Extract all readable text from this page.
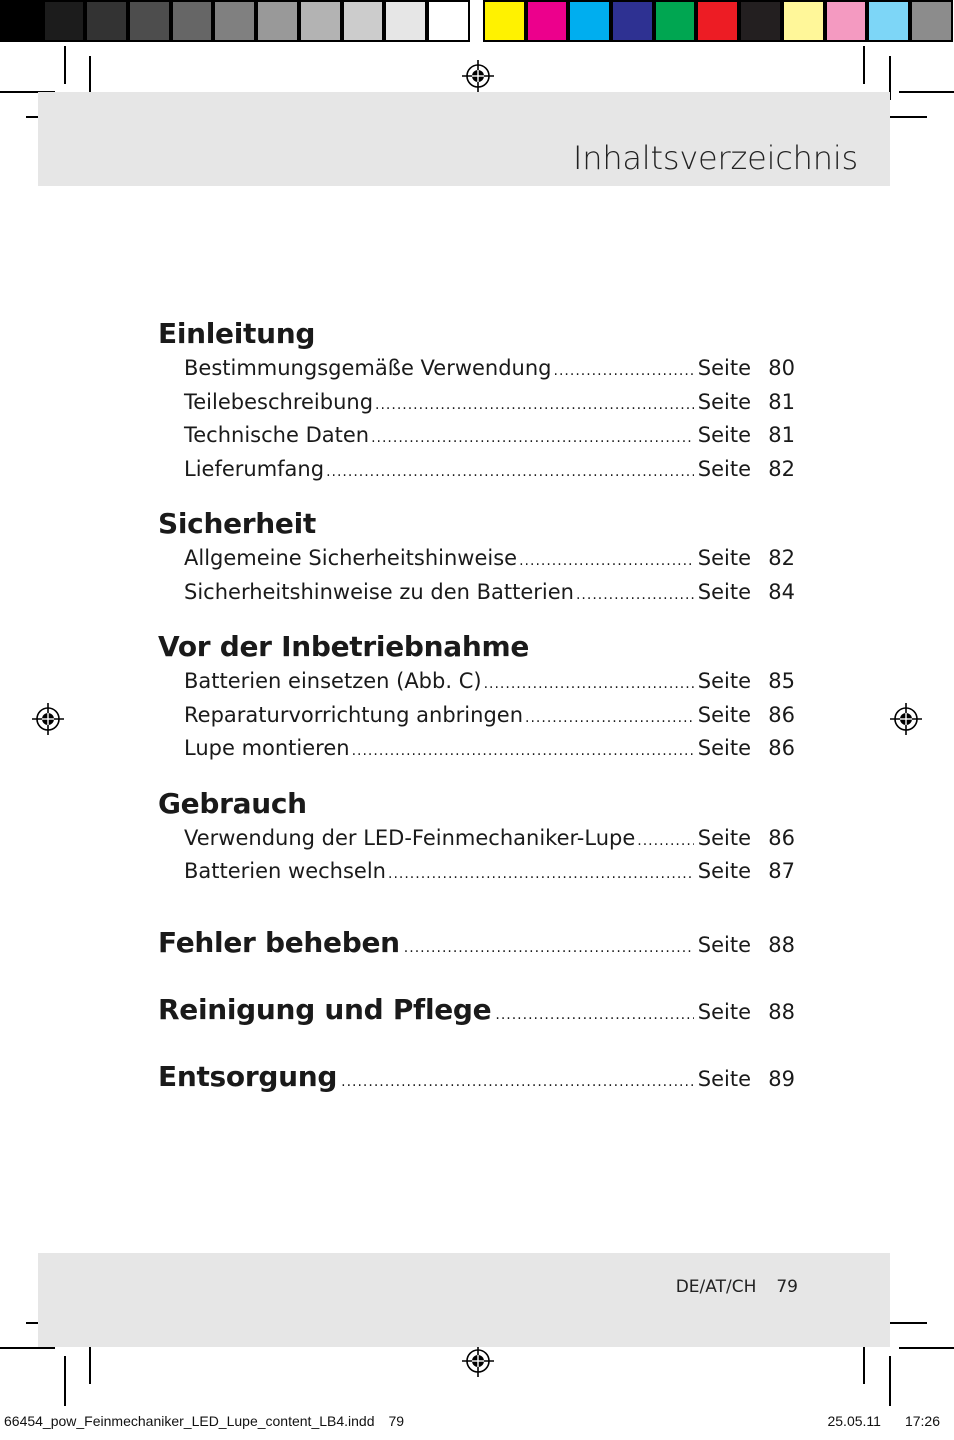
Inhaltsverzeichnis
Einleitung
Bestimmungsgemäße Verwendung .....	Seite 80
Teilebeschreibung .....	Seite 81
Technische Daten .....	Seite 81
Lieferumfang .....	Seite 82
Sicherheit
Allgemeine Sicherheitshinweise .....	Seite 82
Sicherheitshinweise zu den Batterien .....	Seite 84
Vor der Inbetriebnahme
Batterien einsetzen (Abb. C) .....	Seite 85
Reparaturvorrichtung anbringen .....	Seite 86
Lupe montieren .....	Seite 86
Gebrauch
Verwendung der LED-Feinmechaniker-Lupe .....	Seite 86
Batterien wechseln .....	Seite 87
Fehler beheben .....	Seite 88
Reinigung und Pflege .....	Seite 88
Entsorgung .....	Seite 89
DE/AT/CH 79
66454_pow_Feinmechaniker_LED_Lupe_content_LB4.indd 79	25.05.11 17:26
